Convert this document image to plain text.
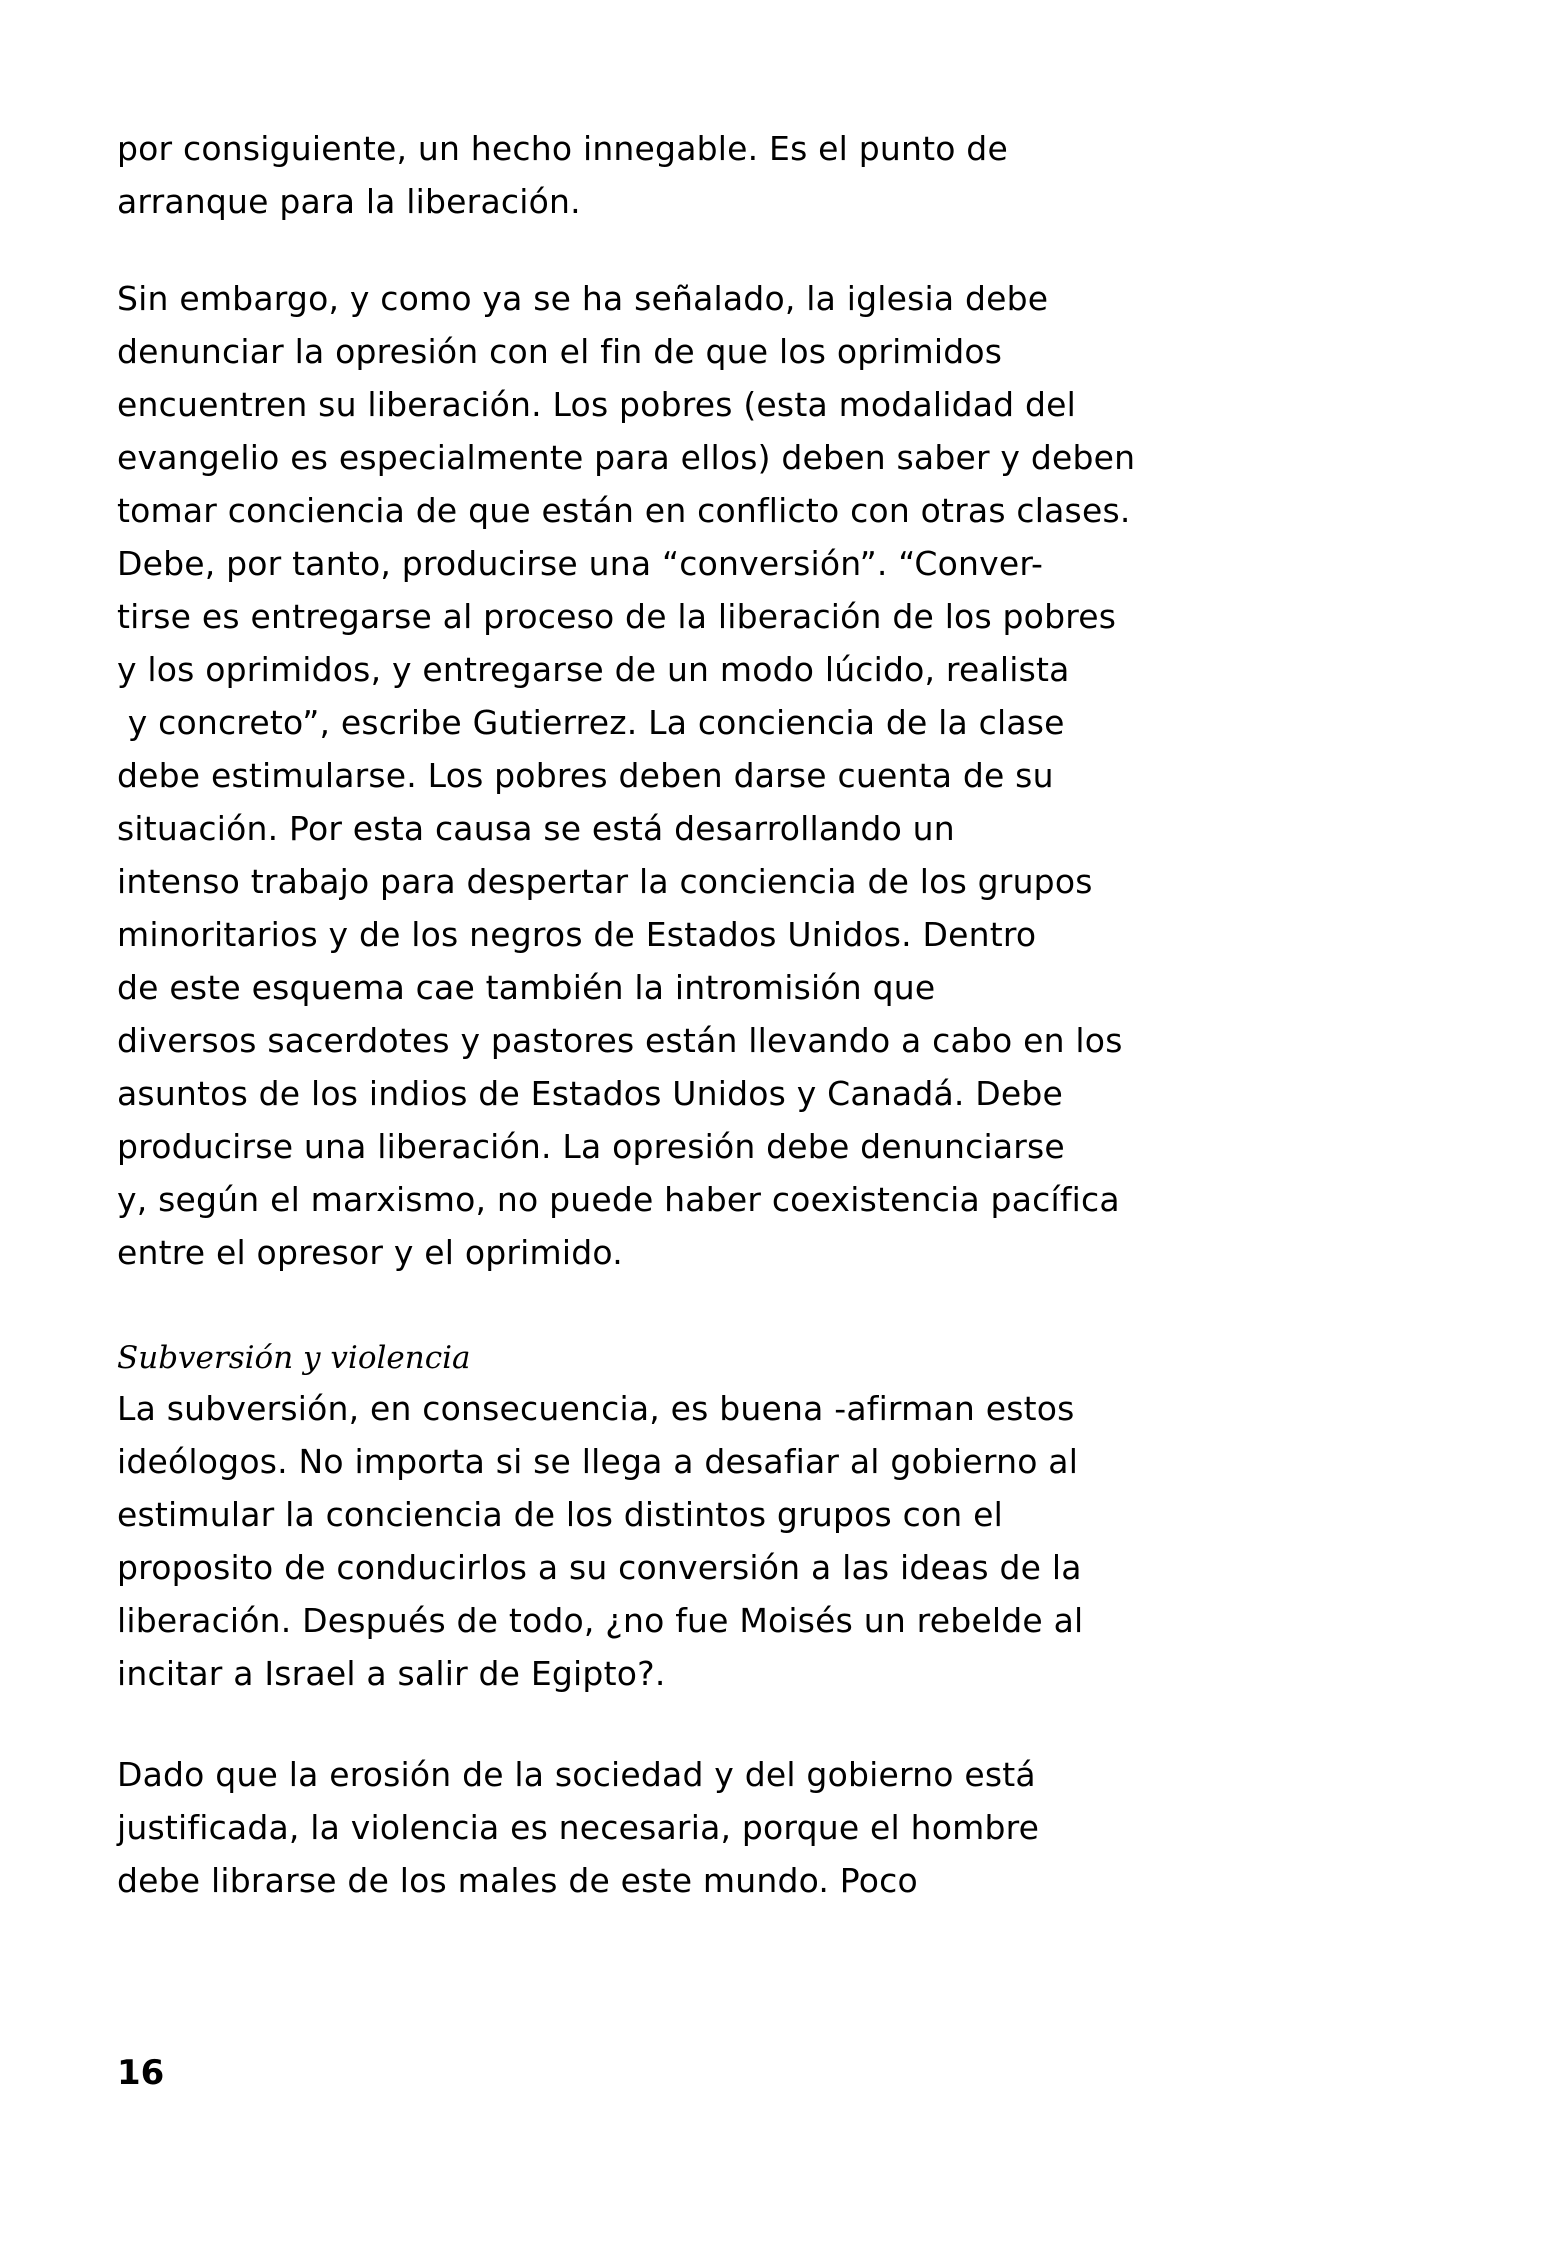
por consiguiente, un hecho innegable. Es el punto de
arranque para la liberación.
Sin embargo, y como ya se ha señalado, la iglesia debe
denunciar la opresión con el fin de que los oprimidos
encuentren su liberación. Los pobres (esta modalidad del
evangelio es especialmente para ellos) deben saber y deben
tomar conciencia de que están en conflicto con otras clases.
Debe, por tanto, producirse una “conversión”. “Conver-
tirse es entregarse al proceso de la liberación de los pobres
y los oprimidos, y entregarse de un modo lúcido, realista
y concreto”, escribe Gutierrez. La conciencia de la clase
debe estimularse. Los pobres deben darse cuenta de su
situación. Por esta causa se está desarrollando un
intenso trabajo para despertar la conciencia de los grupos
minoritarios y de los negros de Estados Unidos. Dentro
de este esquema cae también la intromisión que
diversos sacerdotes y pastores están llevando a cabo en los
asuntos de los indios de Estados Unidos y Canadá. Debe
producirse una liberación. La opresión debe denunciarse
y, según el marxismo, no puede haber coexistencia pacífica
entre el opresor y el oprimido.
Subversión y violencia
La subversión, en consecuencia, es buena -afirman estos
ideólogos. No importa si se llega a desafiar al gobierno al
estimular la conciencia de los distintos grupos con el
proposito de conducirlos a su conversión a las ideas de la
liberación. Después de todo, ¿no fue Moisés un rebelde al
incitar a Israel a salir de Egipto?.
Dado que la erosión de la sociedad y del gobierno está
justificada, la violencia es necesaria, porque el hombre
debe librarse de los males de este mundo. Poco
16
